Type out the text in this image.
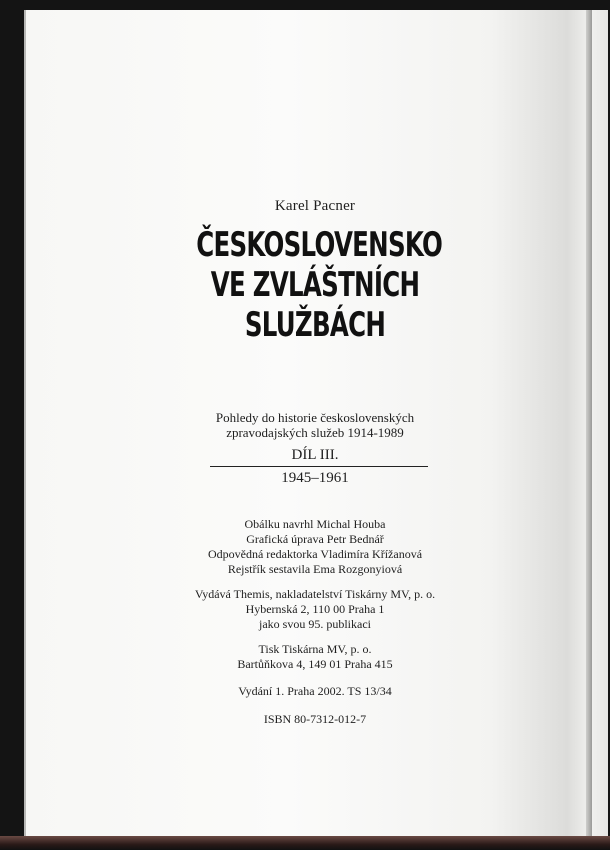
Karel Pacner
ČESKOSLOVENSKO
VE ZVLÁŠTNÍCH
SLUŽBÁCH
Pohledy do historie československých
zpravodajských služeb 1914-1989
DÍL III.
1945–1961
Obálku navrhl Michal Houba
Grafická úprava Petr Bednář
Odpovědná redaktorka Vladimíra Křížanová
Rejstřík sestavila Ema Rozgonyiová
Vydává Themis, nakladatelství Tiskárny MV, p. o.
Hybernská 2, 110 00 Praha 1
jako svou 95. publikaci
Tisk Tiskárna MV, p. o.
Bartůňkova 4, 149 01 Praha 415
Vydání 1. Praha 2002. TS 13/34
ISBN 80-7312-012-7
